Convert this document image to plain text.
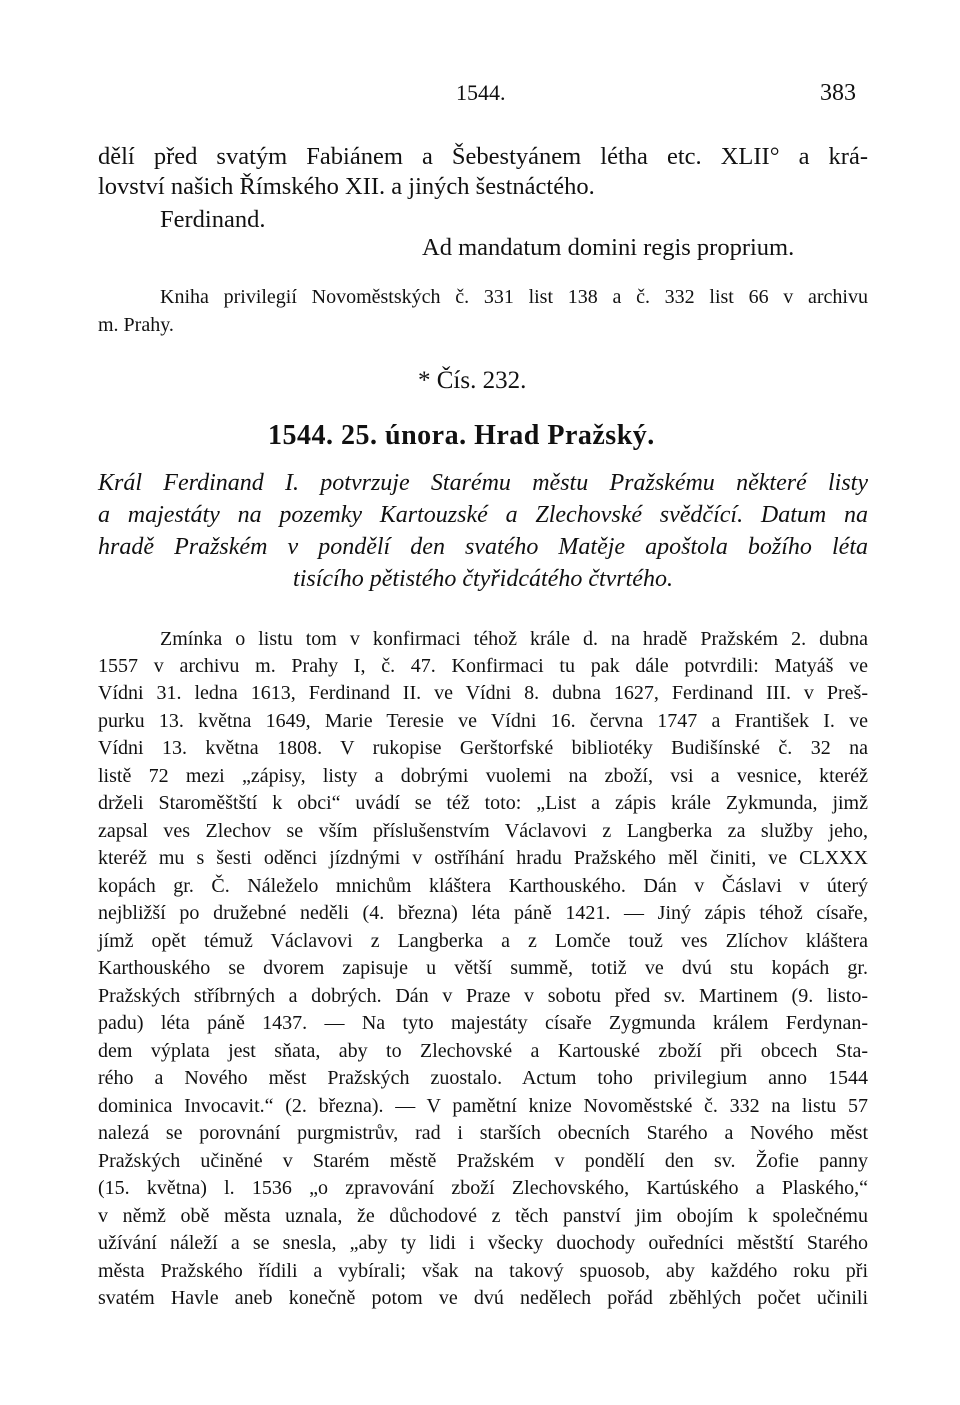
1544.	383
dělí před svatým Fabiánem a Šebestyánem létha etc. XLII° a krá-
lovství našich Římského XII. a jiných šestnáctého.
Ferdinand.
Ad mandatum domini regis proprium.
Kniha privilegií Novoměstských č. 331 list 138 a č. 332 list 66 v archivu
m. Prahy.
* Čís. 232.
1544. 25. února. Hrad Pražský.
Král Ferdinand I. potvrzuje Starému městu Pražskému některé listy
a majestáty na pozemky Kartouzské a Zlechovské svědčící. Datum na
hradě Pražském v pondělí den svatého Matěje apoštola božího léta
tisícího pětistého čtyřidcátého čtvrtého.
Zmínka o listu tom v konfirmaci téhož krále d. na hradě Pražském 2. dubna
1557 v archivu m. Prahy I, č. 47. Konfirmaci tu pak dále potvrdili: Matyáš ve
Vídni 31. ledna 1613, Ferdinand II. ve Vídni 8. dubna 1627, Ferdinand III. v Preš-
purku 13. května 1649, Marie Teresie ve Vídni 16. června 1747 a František I. ve
Vídni 13. května 1808. V rukopise Gerštorfské bibliotéky Budišínské č. 32 na
listě 72 mezi „zápisy, listy a dobrými vuolemi na zboží, vsi a vesnice, kteréž
drželi Staroměštští k obci“ uvádí se též toto: „List a zápis krále Zykmunda, jimž
zapsal ves Zlechov se vším příslušenstvím Václavovi z Langberka za služby jeho,
kteréž mu s šesti oděnci jízdnými v ostříhání hradu Pražského měl činiti, ve CLXXX
kopách gr. Č. Náleželo mnichům kláštera Karthouského. Dán v Čáslavi v úterý
nejbližší po družebné neděli (4. března) léta páně 1421. — Jiný zápis téhož císaře,
jímž opět témuž Václavovi z Langberka a z Lomče touž ves Zlíchov kláštera
Karthouského se dvorem zapisuje u větší summě, totiž ve dvú stu kopách gr.
Pražských stříbrných a dobrých. Dán v Praze v sobotu před sv. Martinem (9. listo-
padu) léta páně 1437. — Na tyto majestáty císaře Zygmunda králem Ferdynan-
dem výplata jest sňata, aby to Zlechovské a Kartouské zboží při obcech Sta-
rého a Nového měst Pražských zuostalo. Actum toho privilegium anno 1544
dominica Invocavit.“ (2. března). — V pamětní knize Novoměstské č. 332 na listu 57
nalezá se porovnání purgmistrův, rad i starších obecních Starého a Nového měst
Pražských učiněné v Starém městě Pražském v pondělí den sv. Žofie panny
(15. května) l. 1536 „o zpravování zboží Zlechovského, Kartúského a Plaského,“
v němž obě města uznala, že důchodové z těch panství jim obojím k společnému
užívání náleží a se snesla, „aby ty lidi i všecky duochody ouředníci městští Starého
města Pražského řídili a vybírali; však na takový spuosob, aby každého roku při
svatém Havle aneb konečně potom ve dvú nedělech pořád zběhlých počet učinili
